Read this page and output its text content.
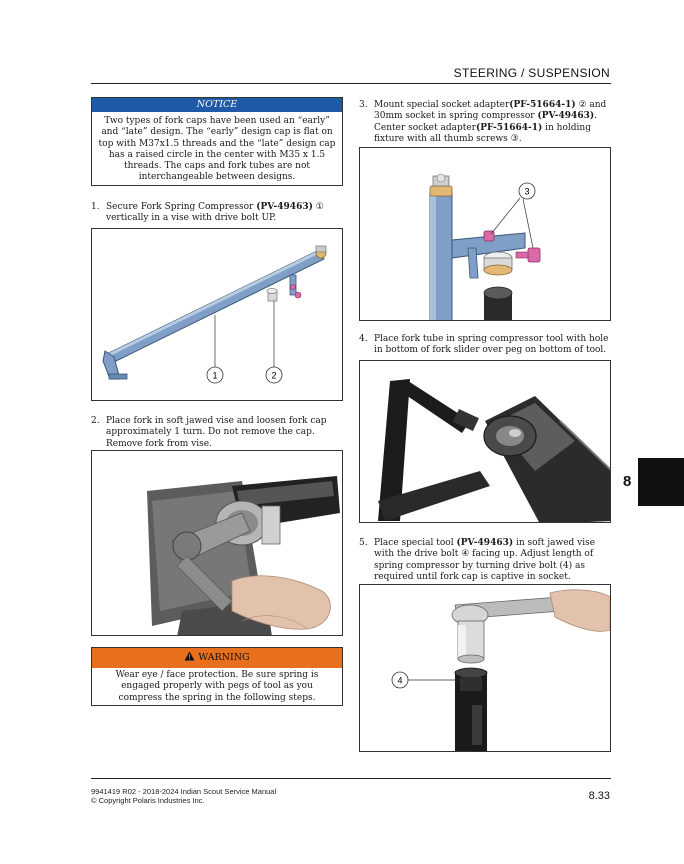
STEERING / SUSPENSION
NOTICE
Two types of fork caps have been used an “early” and “late” design. The “early” design cap is flat on top with M37x1.5 threads and the “late” design cap has a raised circle in the center with M35 x 1.5 threads. The caps and fork tubes are not interchangeable between designs.
1. Secure Fork Spring Compressor (PV-49463) ① vertically in a vise with drive bolt UP.
1	2
2. Place fork in soft jawed vise and loosen fork cap approximately 1 turn. Do not remove the cap. Remove fork from vise.
WARNING
Wear eye / face protection. Be sure spring is engaged properly with pegs of tool as you compress the spring in the following steps.
3. Mount special socket adapter(PF-51664-1) ② and 30mm socket in spring compressor (PV-49463). Center socket adapter(PF-51664-1) in holding fixture with all thumb screws ③.
3
4. Place fork tube in spring compressor tool with hole in bottom of fork slider over peg on bottom of tool.
5. Place special tool (PV-49463) in soft jawed vise with the drive bolt ④ facing up. Adjust length of spring compressor by turning drive bolt (4) as required until fork cap is captive in socket.
4
8
9941419 R02 - 2018-2024 Indian Scout Service Manual
© Copyright Polaris Industries Inc.	8.33
